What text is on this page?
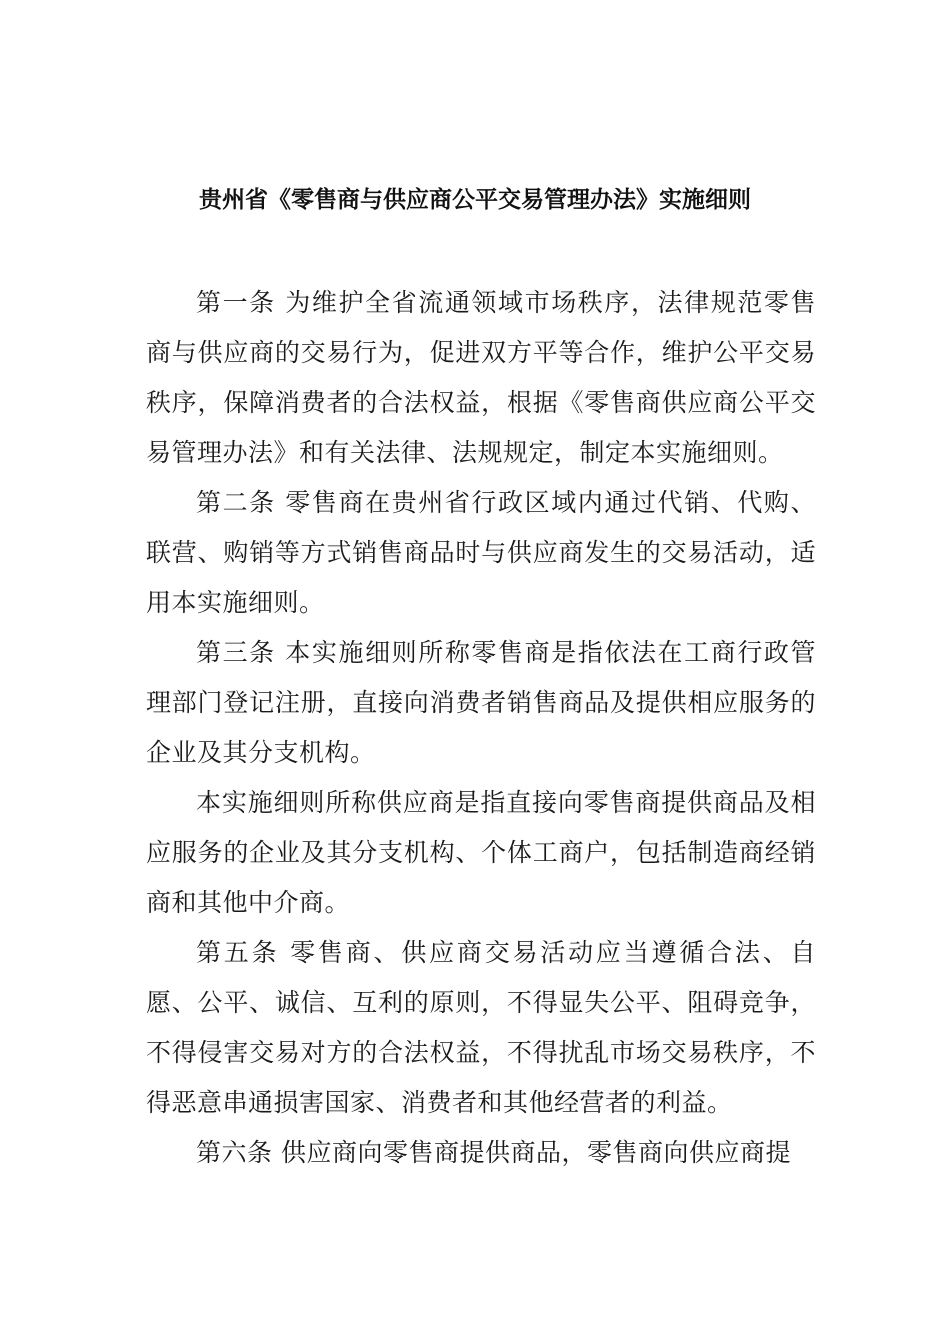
贵州省《零售商与供应商公平交易管理办法》实施细则

第一条 为维护全省流通领域市场秩序，法律规范零售商与供应商的交易行为，促进双方平等合作，维护公平交易秩序，保障消费者的合法权益，根据《零售商供应商公平交易管理办法》和有关法律、法规规定，制定本实施细则。

第二条 零售商在贵州省行政区域内通过代销、代购、联营、购销等方式销售商品时与供应商发生的交易活动，适用本实施细则。

第三条 本实施细则所称零售商是指依法在工商行政管理部门登记注册，直接向消费者销售商品及提供相应服务的企业及其分支机构。

本实施细则所称供应商是指直接向零售商提供商品及相应服务的企业及其分支机构、个体工商户，包括制造商经销商和其他中介商。

第五条 零售商、供应商交易活动应当遵循合法、自愿、公平、诚信、互利的原则，不得显失公平、阻碍竞争，不得侵害交易对方的合法权益，不得扰乱市场交易秩序，不得恶意串通损害国家、消费者和其他经营者的利益。

第六条 供应商向零售商提供商品，零售商向供应商提
